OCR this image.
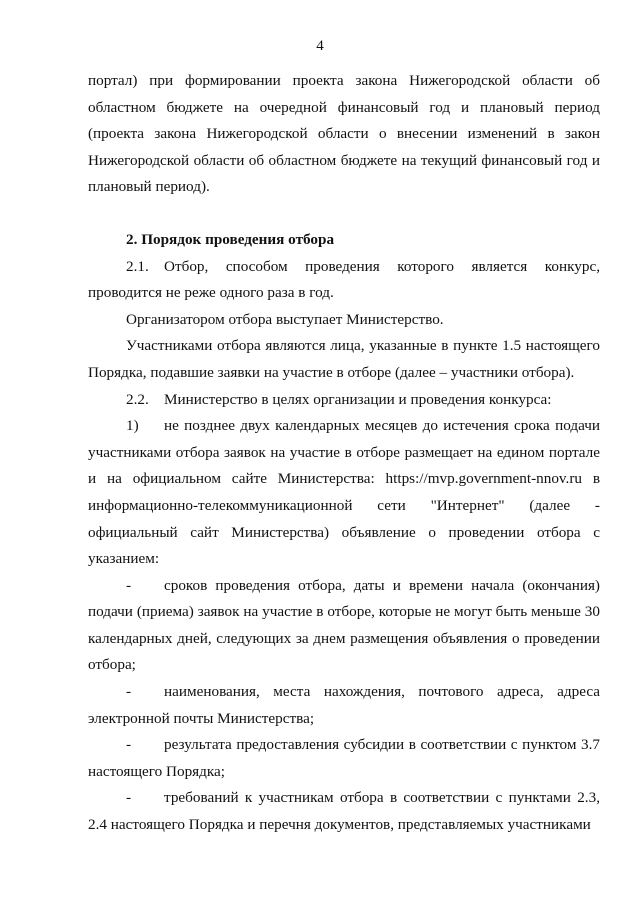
4

портал) при формировании проекта закона Нижегородской области об областном бюджете на очередной финансовый год и плановый период (проекта закона Нижегородской области о внесении изменений в закон Нижегородской области об областном бюджете на текущий финансовый год и плановый период).

2. Порядок проведения отбора

2.1. Отбор, способом проведения которого является конкурс, проводится не реже одного раза в год.

Организатором отбора выступает Министерство.

Участниками отбора являются лица, указанные в пункте 1.5 настоящего Порядка, подавшие заявки на участие в отборе (далее – участники отбора).

2.2. Министерство в целях организации и проведения конкурса:

1) не позднее двух календарных месяцев до истечения срока подачи участниками отбора заявок на участие в отборе размещает на едином портале и на официальном сайте Министерства: https://mvp.government-nnov.ru в информационно-телекоммуникационной сети "Интернет" (далее - официальный сайт Министерства) объявление о проведении отбора с указанием:

- сроков проведения отбора, даты и времени начала (окончания) подачи (приема) заявок на участие в отборе, которые не могут быть меньше 30 календарных дней, следующих за днем размещения объявления о проведении отбора;

- наименования, места нахождения, почтового адреса, адреса электронной почты Министерства;

- результата предоставления субсидии в соответствии с пунктом 3.7 настоящего Порядка;

- требований к участникам отбора в соответствии с пунктами 2.3, 2.4 настоящего Порядка и перечня документов, представляемых участниками
